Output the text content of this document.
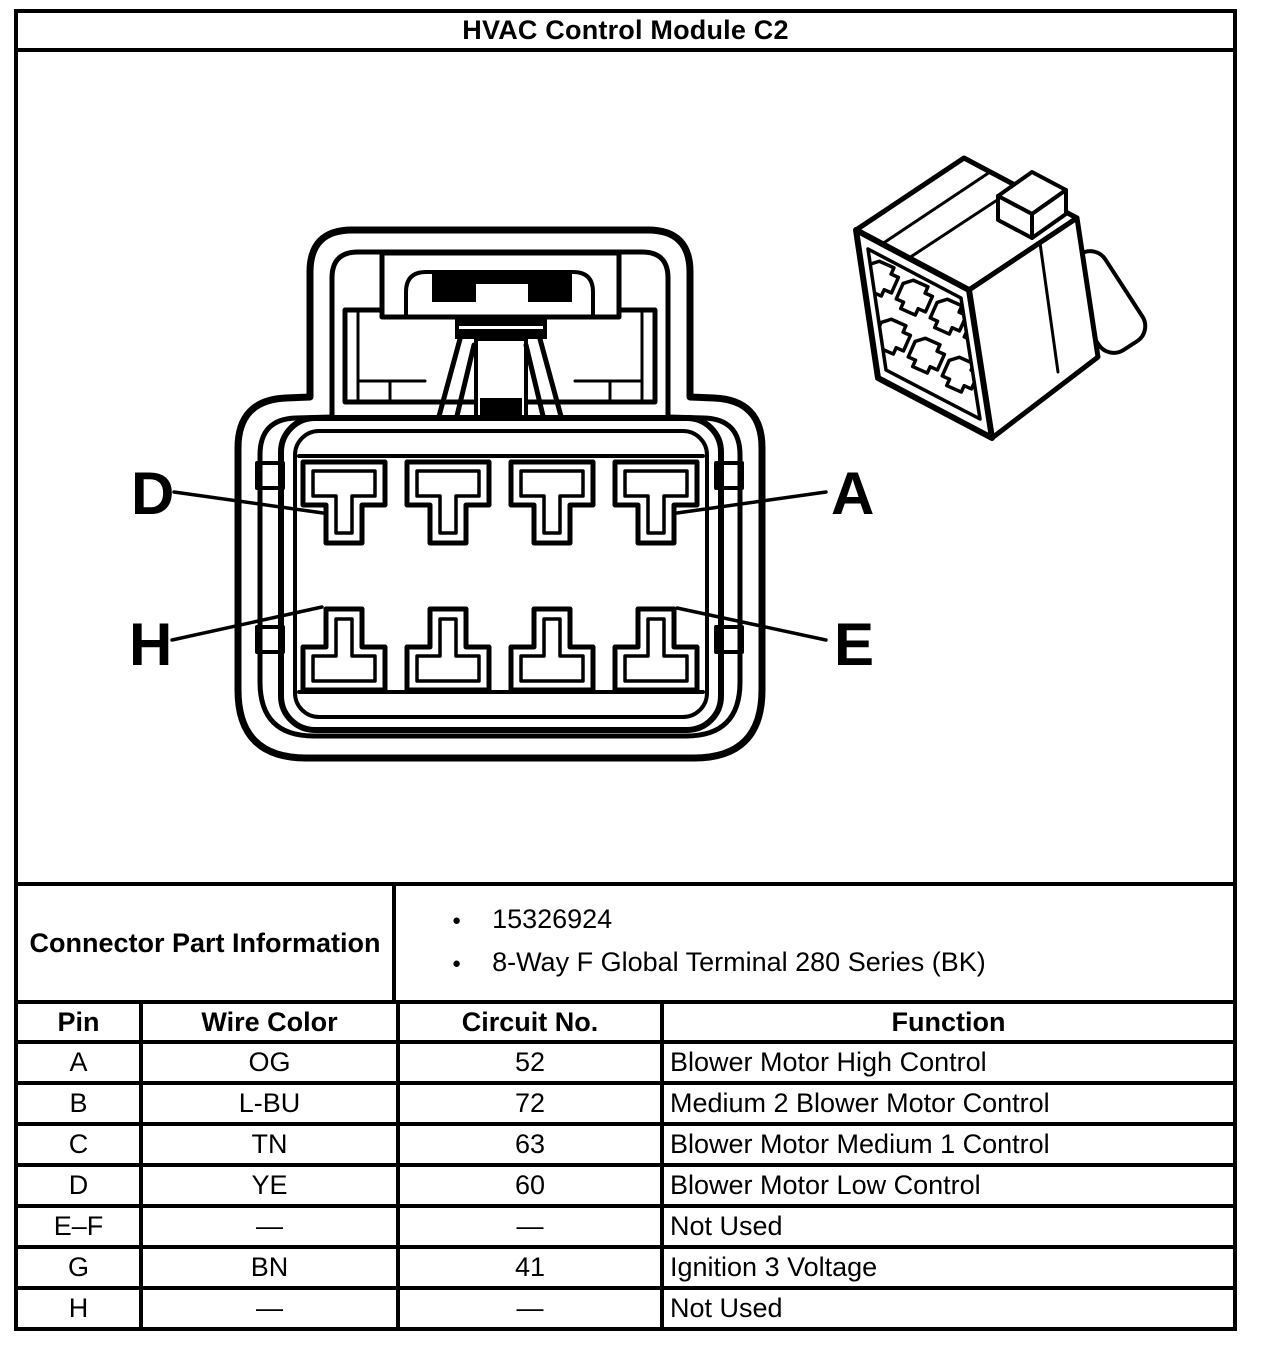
HVAC Control Module C2
Connector Part Information
● 15326924
● 8-Way F Global Terminal 280 Series (BK)
Pin	Wire Color	Circuit No.	Function
A	OG	52	Blower Motor High Control
B	L-BU	72	Medium 2 Blower Motor Control
C	TN	63	Blower Motor Medium 1 Control
D	YE	60	Blower Motor Low Control
E–F	—	—	Not Used
G	BN	41	Ignition 3 Voltage
H	—	—	Not Used
D	A
H	E
